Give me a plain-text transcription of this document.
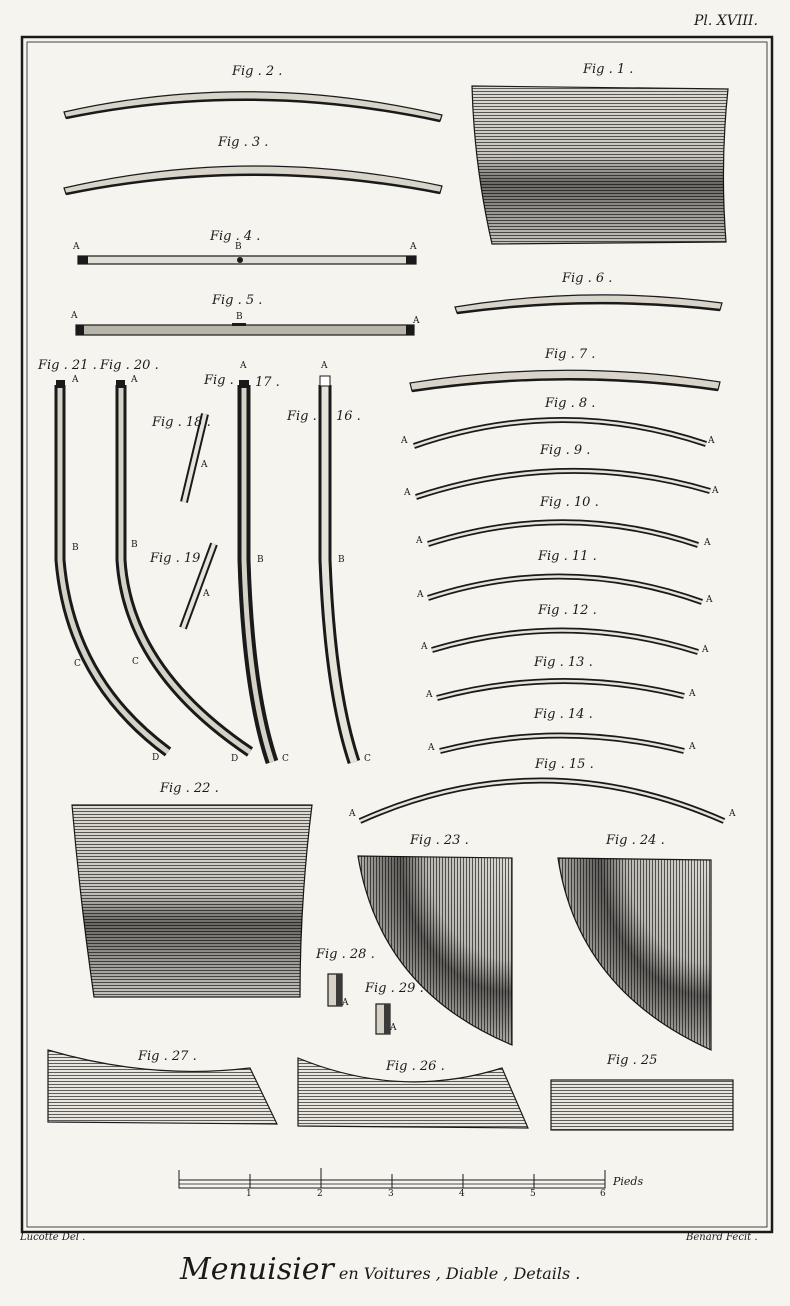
Pl. XVIII.
Lucotte Del .	Benard Fecit .
Menuisier en Voitures , Diable , Details .
Fig . 1 .
Fig . 2 .
Fig . 3 .
Fig . 4 .
Fig . 5 .
Fig . 6 .
Fig . 7 .
Fig . 8 .
Fig . 9 .
Fig . 10 .
Fig . 11 .
Fig . 12 .
Fig . 13 .
Fig . 14 .
Fig . 15 .
Fig . 16 .
Fig . 17 .
Fig . 18 .
Fig . 19
Fig . 20 .
Fig . 21 .
Fig . 22 .
Fig . 23 .	Fig . 24 .
Fig . 25
Fig . 26 .
Fig . 27 .
Fig . 28 .
Fig . 29 .
A	B	A
A	B	A
A
B
C
D
A
B
C
D
A
B
C
A
B
C
A
A
A	A
A	A
A	A
A	A
A	A
A	A
A	A
A	A
A
A
1	2	3	4	5	6
Pieds
